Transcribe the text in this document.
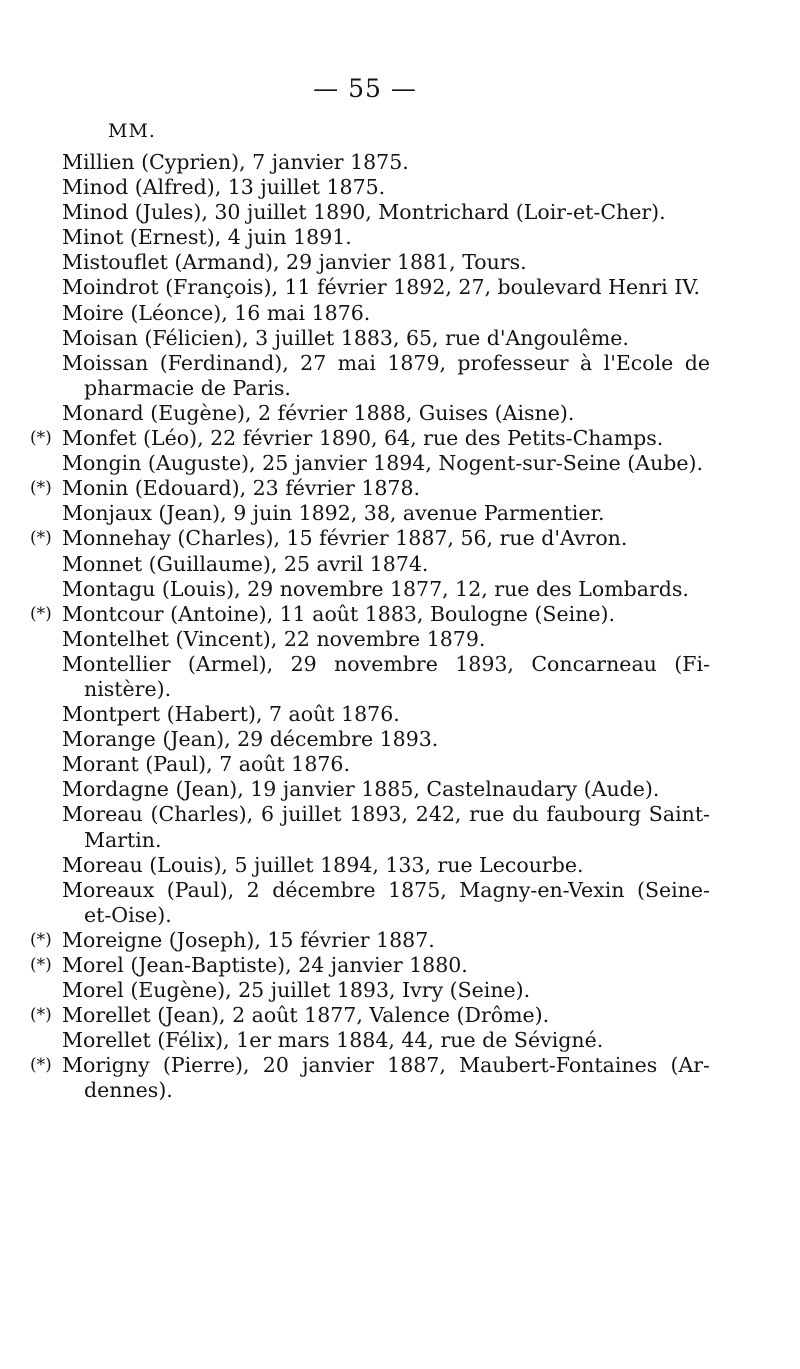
— 55 —
MM.
Millien (Cyprien), 7 janvier 1875.
Minod (Alfred), 13 juillet 1875.
Minod (Jules), 30 juillet 1890, Montrichard (Loir-et-Cher).
Minot (Ernest), 4 juin 1891.
Mistouflet (Armand), 29 janvier 1881, Tours.
Moindrot (François), 11 février 1892, 27, boulevard Henri IV.
Moire (Léonce), 16 mai 1876.
Moisan (Félicien), 3 juillet 1883, 65, rue d'Angoulême.
Moissan (Ferdinand), 27 mai 1879, professeur à l'Ecole de
pharmacie de Paris.
Monard (Eugène), 2 février 1888, Guises (Aisne).
(*) Monfet (Léo), 22 février 1890, 64, rue des Petits-Champs.
Mongin (Auguste), 25 janvier 1894, Nogent-sur-Seine (Aube).
(*) Monin (Edouard), 23 février 1878.
Monjaux (Jean), 9 juin 1892, 38, avenue Parmentier.
(*) Monnehay (Charles), 15 février 1887, 56, rue d'Avron.
Monnet (Guillaume), 25 avril 1874.
Montagu (Louis), 29 novembre 1877, 12, rue des Lombards.
(*) Montcour (Antoine), 11 août 1883, Boulogne (Seine).
Montelhet (Vincent), 22 novembre 1879.
Montellier (Armel), 29 novembre 1893, Concarneau (Fi-
nistère).
Montpert (Habert), 7 août 1876.
Morange (Jean), 29 décembre 1893.
Morant (Paul), 7 août 1876.
Mordagne (Jean), 19 janvier 1885, Castelnaudary (Aude).
Moreau (Charles), 6 juillet 1893, 242, rue du faubourg Saint-
Martin.
Moreau (Louis), 5 juillet 1894, 133, rue Lecourbe.
Moreaux (Paul), 2 décembre 1875, Magny-en-Vexin (Seine-
et-Oise).
(*) Moreigne (Joseph), 15 février 1887.
(*) Morel (Jean-Baptiste), 24 janvier 1880.
Morel (Eugène), 25 juillet 1893, Ivry (Seine).
(*) Morellet (Jean), 2 août 1877, Valence (Drôme).
Morellet (Félix), 1er mars 1884, 44, rue de Sévigné.
(*) Morigny (Pierre), 20 janvier 1887, Maubert-Fontaines (Ar-
dennes).
